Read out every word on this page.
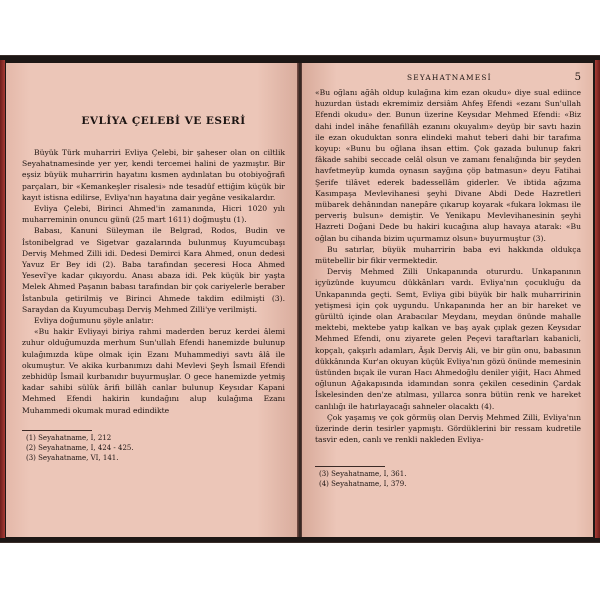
EVLİYA ÇELEBİ VE ESERİ

Büyük Türk muharriri Evliya Çelebi, bir şaheser olan on ciltlik Seyahatnamesinde yer yer, kendi tercemei halini de yazmıştır. Bir eşsiz büyük muharririn hayatını kısmen aydınlatan bu otobiyoğrafi parçaları, bir «Kemankeşler risalesi» nde tesadüf ettiğim küçük bir kayıt istisna edilirse, Evliya'nın hayatına dair yegâne vesikalardır.

Evliya Çelebi, Birinci Ahmed'in zamanında, Hicri 1020 yılı muharreminin onuncu günü (25 mart 1611) doğmuştu (1).

Babası, Kanuni Süleyman ile Belgrad, Rodos, Budin ve İstonibelgrad ve Sigetvar gazalarında bulunmuş Kuyumcubaşı Derviş Mehmed Zilli idi. Dedesi Demirci Kara Ahmed, onun dedesi Yavuz Er Bey idi (2). Baba tarafından şeceresi Hoca Ahmed Yesevî'ye kadar çıkıyordu. Anası abaza idi. Pek küçük bir yaşta Melek Ahmed Paşanın babası tarafından bir çok cariyelerle beraber İstanbula getirilmiş ve Birinci Ahmede takdim edilmişti (3). Saraydan da Kuyumcubaşı Derviş Mehmed Zilli'ye verilmişti.

Evliya doğumunu şöyle anlatır:

«Bu hakir Evliyayi biriya rahmi maderden beruz kerdei âlemi zuhur olduğumuzda merhum Sun'ullah Efendi hanemizde bulunup kulağımızda küpe olmak için Ezanı Muhammediyi savtı âlâ ile okumuştur. Ve akika kurbanımızı dahi Mevlevi Şeyh İsmail Efendi zebhidüp İsmail kurbanıdır buyurmuşlar. O gece hanemizde yetmiş kadar sahibi sülûk ârifi billâh canlar bulunup Keysıdar Kapani Mehmed Efendi hakirin kundağını alup kulağıma Ezanı Muhammedi okumak murad edindikte

(1) Seyahatname, I, 212
(2) Seyahatname, I, 424 - 425.
(3) Seyahatname, VI, 141.
SEYAHATNAMESİ	5

«Bu oğlanı ağâh oldup kulağına kim ezan okudu» diye sual ediince huzurdan üstadı ekremimiz dersiâm Ahfeş Efendi «ezanı Sun'ullah Efendi okudu» der. Bunun üzerine Keysıdar Mehmed Efendi: «Biz dahi indel inâhe fenafillâh ezanını okuyalım» deyüp bir savtı hazin ile ezan okuduktan sonra elindeki mahut teberi dahi bir tarafıma koyup: «Bunu bu oğlana ihsan ettim. Çok gazada bulunup fakri fâkade sahibi seccade celâl olsun ve zamanı fenalığında bir şeyden havfetmeyüp kumda oynasın sayğına çöp batmasun» deyu Fatihai Şerife tilâvet ederek badessellâm giderler. Ve ibtida ağzıma Kasımpaşa Mevlevihanesi şeyhi Divane Abdi Dede Hazretleri mübarek dehânından nanepâre çıkarup koyarak «fukara lokması ile perveriş bulsun» demiştir. Ve Yenikapu Mevlevihanesinin şeyhi Hazreti Doğani Dede bu hakiri kucağına alup havaya atarak: «Bu oğlan bu cihanda bizim uçurmamız olsun» buyurmuştur (3).

Bu satırlar, büyük muharririn baba evi hakkında oldukça mütebellir bir fikir vermektedir.

Derviş Mehmed Zilli Unkapanında otururdu. Unkapanının içyüzünde kuyumcu dükkânları vardı. Evliya'nın çocukluğu da Unkapanında geçti. Semt, Evliya gibi büyük bir halk muharririnin yetişmesi için çok uygundu. Unkapanında her an bir hareket ve gürültü içinde olan Arabacılar Meydanı, meydan önünde mahalle mektebi, mektebe yatıp kalkan ve baş ayak çıplak gezen Keysıdar Mehmed Efendi, onu ziyarete gelen Peçevi taraftarları kabanicli, kopçalı, çakşırlı adamları, Âşık Derviş Ali, ve bir gün onu, babasının dükkânında Kur'an okuyan küçük Evliya'nın gözü önünde memesinin üstünden bıçak ile vuran Hacı Ahmedoğlu deniler yiğit, Hacı Ahmed oğlunun Ağakapısında idamından sonra çekilen cesedinin Çardak İskelesinden den'ze atılması, yıllarca sonra bütün renk ve hareket canlılığı ile hatırlayacağı sahneler olacaktı (4).

Çok yaşamış ve çok görmüş olan Derviş Mehmed Zilli, Evliya'nın üzerinde derin tesirler yapmıştı. Gördüklerini bir ressam kudretile tasvir eden, canlı ve renkli nakleden Evliya-

(3) Seyahatname, I, 361.
(4) Seyahatname, I, 379.
